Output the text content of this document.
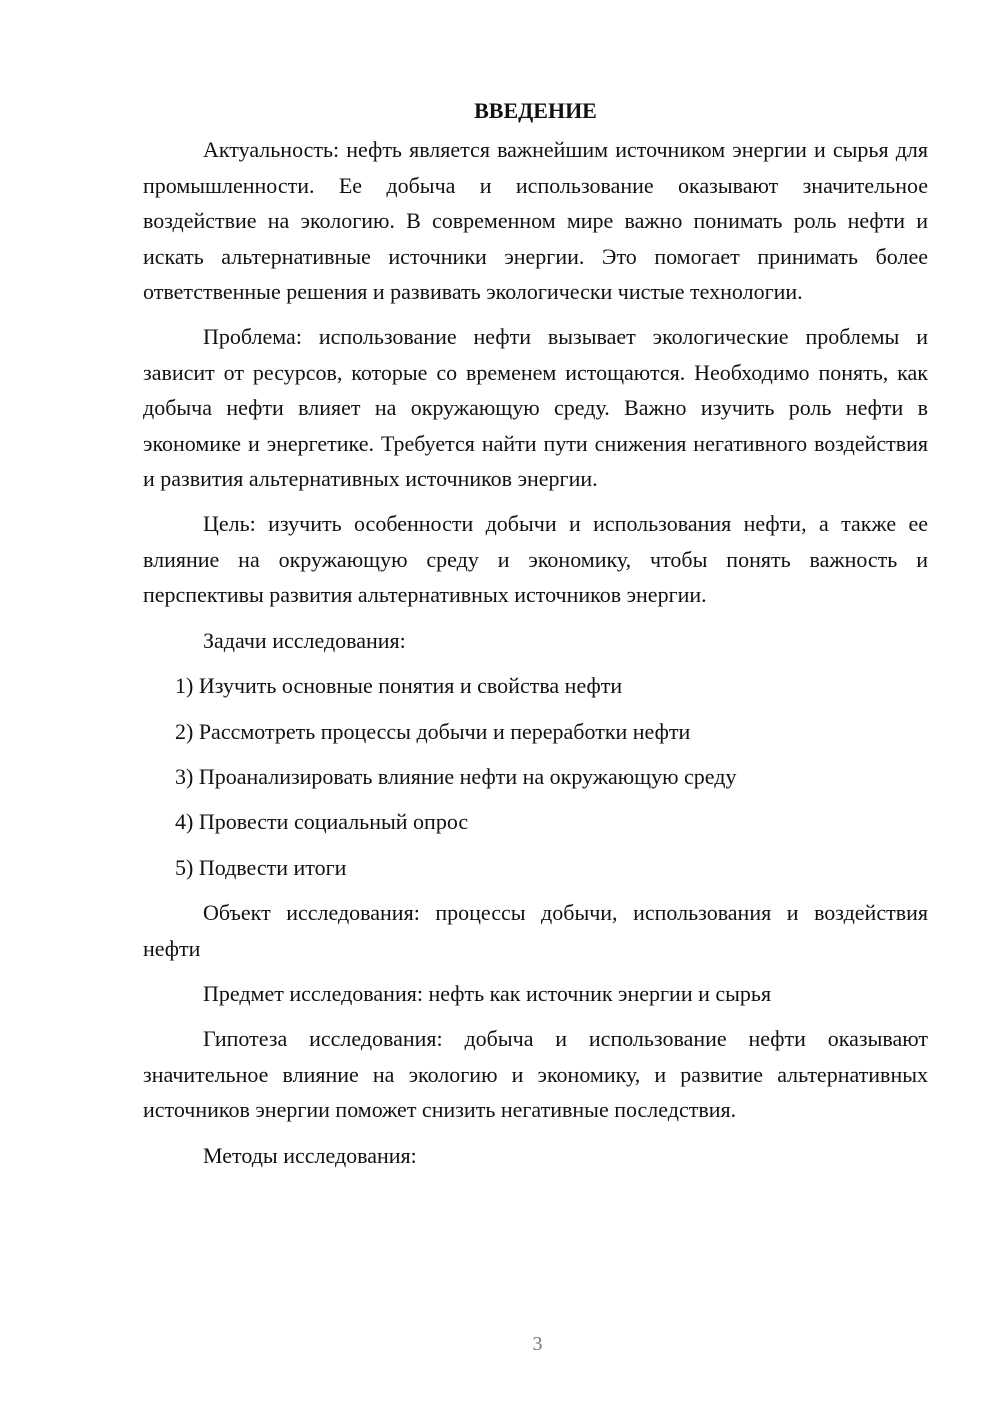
ВВЕДЕНИЕ

Актуальность: нефть является важнейшим источником энергии и сырья для промышленности. Ее добыча и использование оказывают значительное воздействие на экологию. В современном мире важно понимать роль нефти и искать альтернативные источники энергии. Это помогает принимать более ответственные решения и развивать экологически чистые технологии.

Проблема: использование нефти вызывает экологические проблемы и зависит от ресурсов, которые со временем истощаются. Необходимо понять, как добыча нефти влияет на окружающую среду. Важно изучить роль нефти в экономике и энергетике. Требуется найти пути снижения негативного воздействия и развития альтернативных источников энергии.

Цель: изучить особенности добычи и использования нефти, а также ее влияние на окружающую среду и экономику, чтобы понять важность и перспективы развития альтернативных источников энергии.

Задачи исследования:

1) Изучить основные понятия и свойства нефти
2) Рассмотреть процессы добычи и переработки нефти
3) Проанализировать влияние нефти на окружающую среду
4) Провести социальный опрос
5) Подвести итоги

Объект исследования: процессы добычи, использования и воздействия нефти

Предмет исследования: нефть как источник энергии и сырья

Гипотеза исследования: добыча и использование нефти оказывают значительное влияние на экологию и экономику, и развитие альтернативных источников энергии поможет снизить негативные последствия.

Методы исследования:

3
